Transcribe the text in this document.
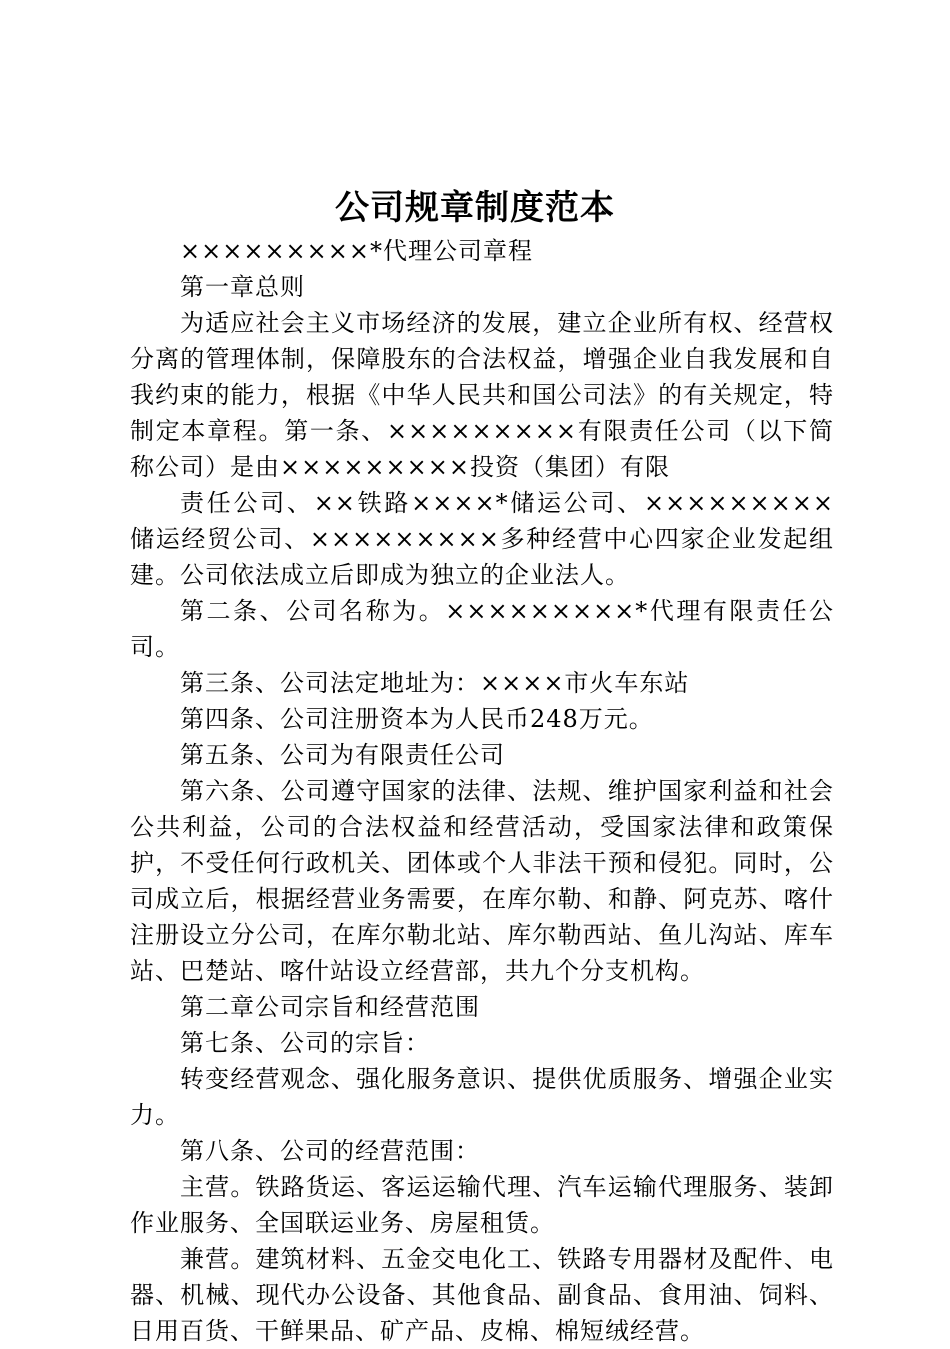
公司规章制度范本

×××××××××*代理公司章程

第一章总则

为适应社会主义市场经济的发展，建立企业所有权、经营权分离的管理体制，保障股东的合法权益，增强企业自我发展和自我约束的能力，根据《中华人民共和国公司法》的有关规定，特制定本章程。第一条、×××××××××有限责任公司（以下简称公司）是由×××××××××投资（集团）有限

责任公司、××铁路××××*储运公司、×××××××××储运经贸公司、×××××××××多种经营中心四家企业发起组建。公司依法成立后即成为独立的企业法人。

第二条、公司名称为。×××××××××*代理有限责任公司。

第三条、公司法定地址为：××××市火车东站

第四条、公司注册资本为人民币248万元。

第五条、公司为有限责任公司

第六条、公司遵守国家的法律、法规、维护国家利益和社会公共利益，公司的合法权益和经营活动，受国家法律和政策保护，不受任何行政机关、团体或个人非法干预和侵犯。同时，公司成立后，根据经营业务需要，在库尔勒、和静、阿克苏、喀什注册设立分公司，在库尔勒北站、库尔勒西站、鱼儿沟站、库车站、巴楚站、喀什站设立经营部，共九个分支机构。

第二章公司宗旨和经营范围

第七条、公司的宗旨：

转变经营观念、强化服务意识、提供优质服务、增强企业实力。

第八条、公司的经营范围：

主营。铁路货运、客运运输代理、汽车运输代理服务、装卸作业服务、全国联运业务、房屋租赁。

兼营。建筑材料、五金交电化工、铁路专用器材及配件、电器、机械、现代办公设备、其他食品、副食品、食用油、饲料、日用百货、干鲜果品、矿产品、皮棉、棉短绒经营。
